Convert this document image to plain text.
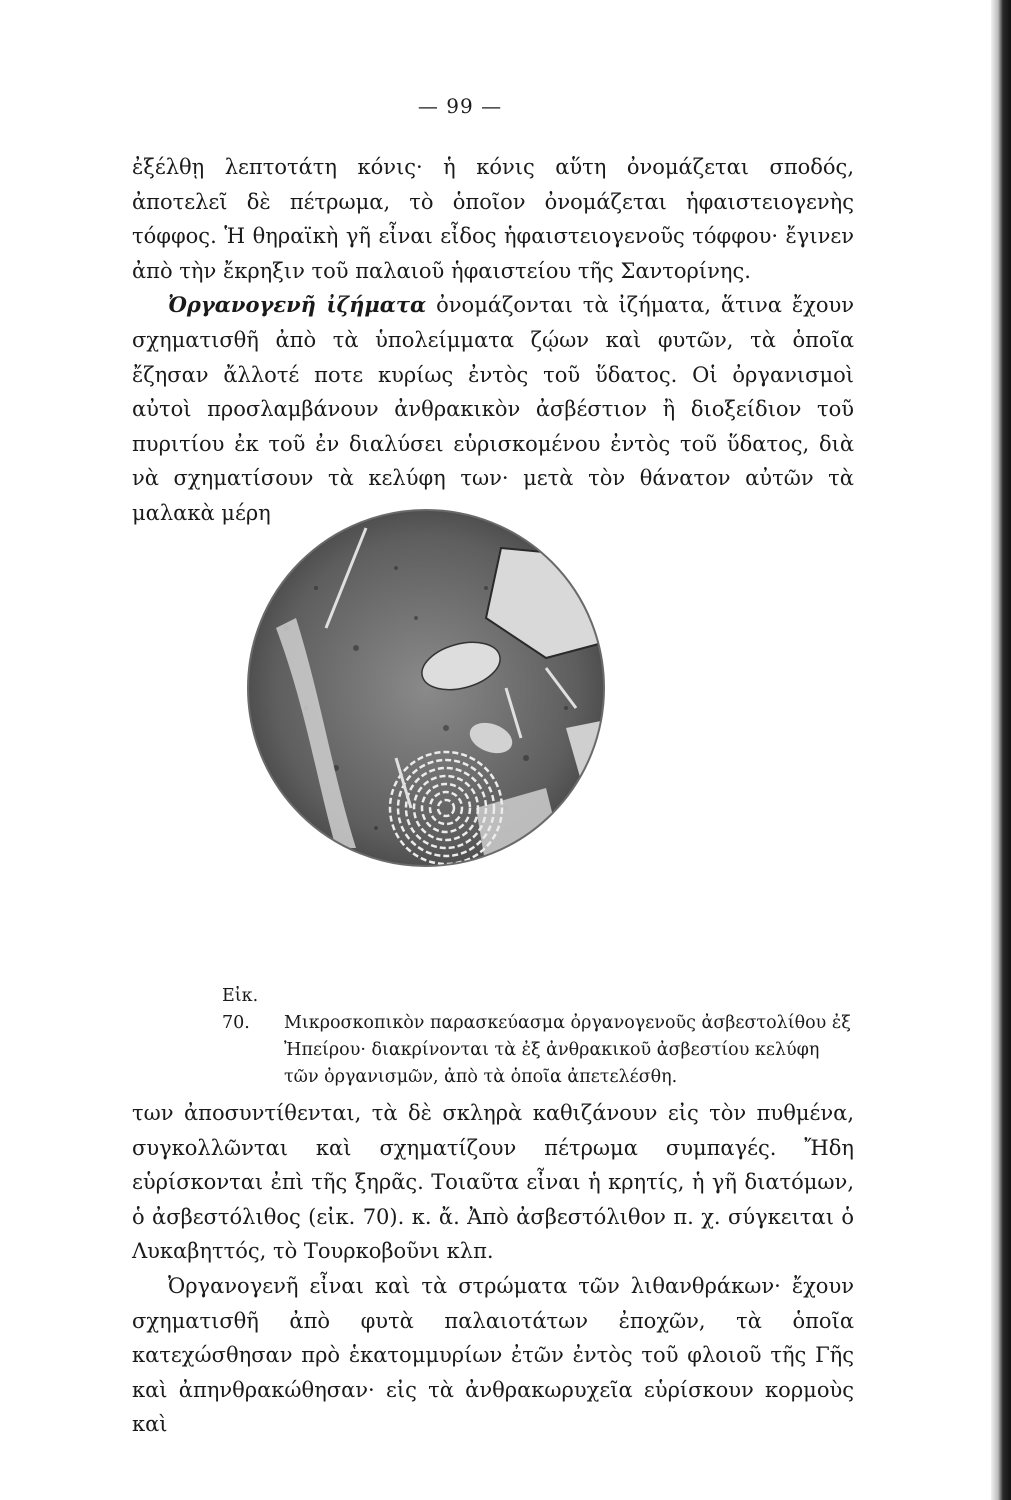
— 99 —

ἐξέλθῃ λεπτοτάτη κόνις· ἡ κόνις αὕτη ὀνομάζεται σποδός, ἀποτελεῖ δὲ πέτρωμα, τὸ ὁποῖον ὀνομάζεται ἡφαιστειογενὴς τόφφος. Ἡ θηραϊκὴ γῆ εἶναι εἶδος ἡφαιστειογενοῦς τόφφου· ἔγινεν ἀπὸ τὴν ἔκρηξιν τοῦ παλαιοῦ ἡφαιστείου τῆς Σαντορίνης.

Ὀργανογενῆ ἰζήματα ὀνομάζονται τὰ ἰζήματα, ἅτινα ἔχουν σχηματισθῆ ἀπὸ τὰ ὑπολείμματα ζῴων καὶ φυτῶν, τὰ ὁποῖα ἔζησαν ἄλλοτέ ποτε κυρίως ἐντὸς τοῦ ὕδατος. Οἱ ὀργανισμοὶ αὐτοὶ προσλαμβάνουν ἀνθρακικὸν ἀσβέστιον ἢ διοξείδιον τοῦ πυριτίου ἐκ τοῦ ἐν διαλύσει εὑρισκομένου ἐντὸς τοῦ ὕδατος, διὰ νὰ σχηματίσουν τὰ κελύφη των· μετὰ τὸν θάνατον αὐτῶν τὰ μαλακὰ μέρη

Εἰκ. 70. Μικροσκοπικὸν παρασκεύασμα ὀργανογενοῦς ἀσβεστολίθου ἐξ Ἠπείρου· διακρίνονται τὰ ἐξ ἀνθρακικοῦ ἀσβεστίου κελύφη τῶν ὀργανισμῶν, ἀπὸ τὰ ὁποῖα ἀπετελέσθη.

των ἀποσυντίθενται, τὰ δὲ σκληρὰ καθιζάνουν εἰς τὸν πυθμένα, συγκολλῶνται καὶ σχηματίζουν πέτρωμα συμπαγές. Ἤδη εὑρίσκονται ἐπὶ τῆς ξηρᾶς. Τοιαῦτα εἶναι ἡ κρητίς, ἡ γῆ διατόμων, ὁ ἀσβεστόλιθος (εἰκ. 70). κ. ἄ. Ἀπὸ ἀσβεστόλιθον π. χ. σύγκειται ὁ Λυκαβηττός, τὸ Τουρκοβοῦνι κλπ.

Ὀργανογενῆ εἶναι καὶ τὰ στρώματα τῶν λιθανθράκων· ἔχουν σχηματισθῆ ἀπὸ φυτὰ παλαιοτάτων ἐποχῶν, τὰ ὁποῖα κατεχώσθησαν πρὸ ἑκατομμυρίων ἐτῶν ἐντὸς τοῦ φλοιοῦ τῆς Γῆς καὶ ἀπηνθρακώθησαν· εἰς τὰ ἀνθρακωρυχεῖα εὑρίσκουν κορμοὺς καὶ
